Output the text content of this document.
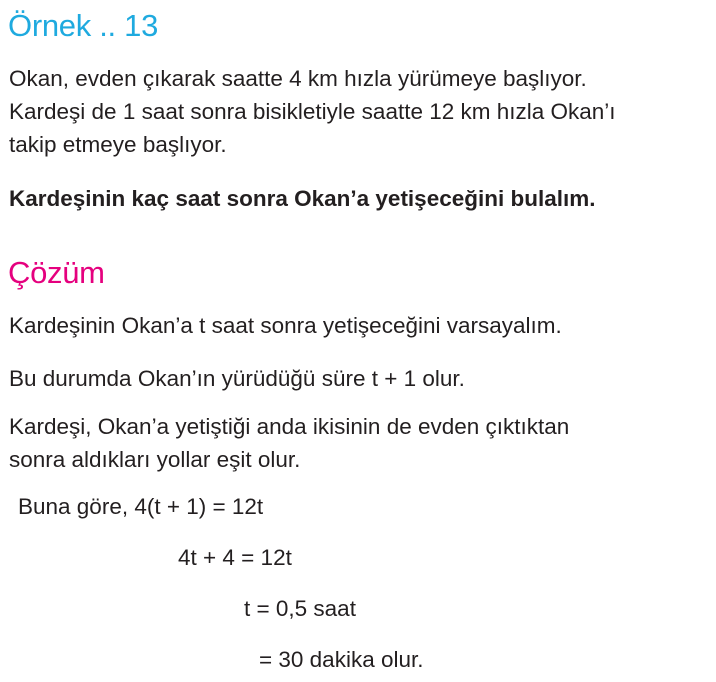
Örnek .. 13
Okan, evden çıkarak saatte 4 km hızla yürümeye başlıyor.
Kardeşi de 1 saat sonra bisikletiyle saatte 12 km hızla Okan’ı
takip etmeye başlıyor.
Kardeşinin kaç saat sonra Okan’a yetişeceğini bulalım.
Çözüm
Kardeşinin Okan’a t saat sonra yetişeceğini varsayalım.
Bu durumda Okan’ın yürüdüğü süre t + 1 olur.
Kardeşi, Okan’a yetiştiği anda ikisinin de evden çıktıktan
sonra aldıkları yollar eşit olur.
Buna göre, 4(t + 1) = 12t
4t + 4 = 12t
t = 0,5 saat
= 30 dakika olur.
